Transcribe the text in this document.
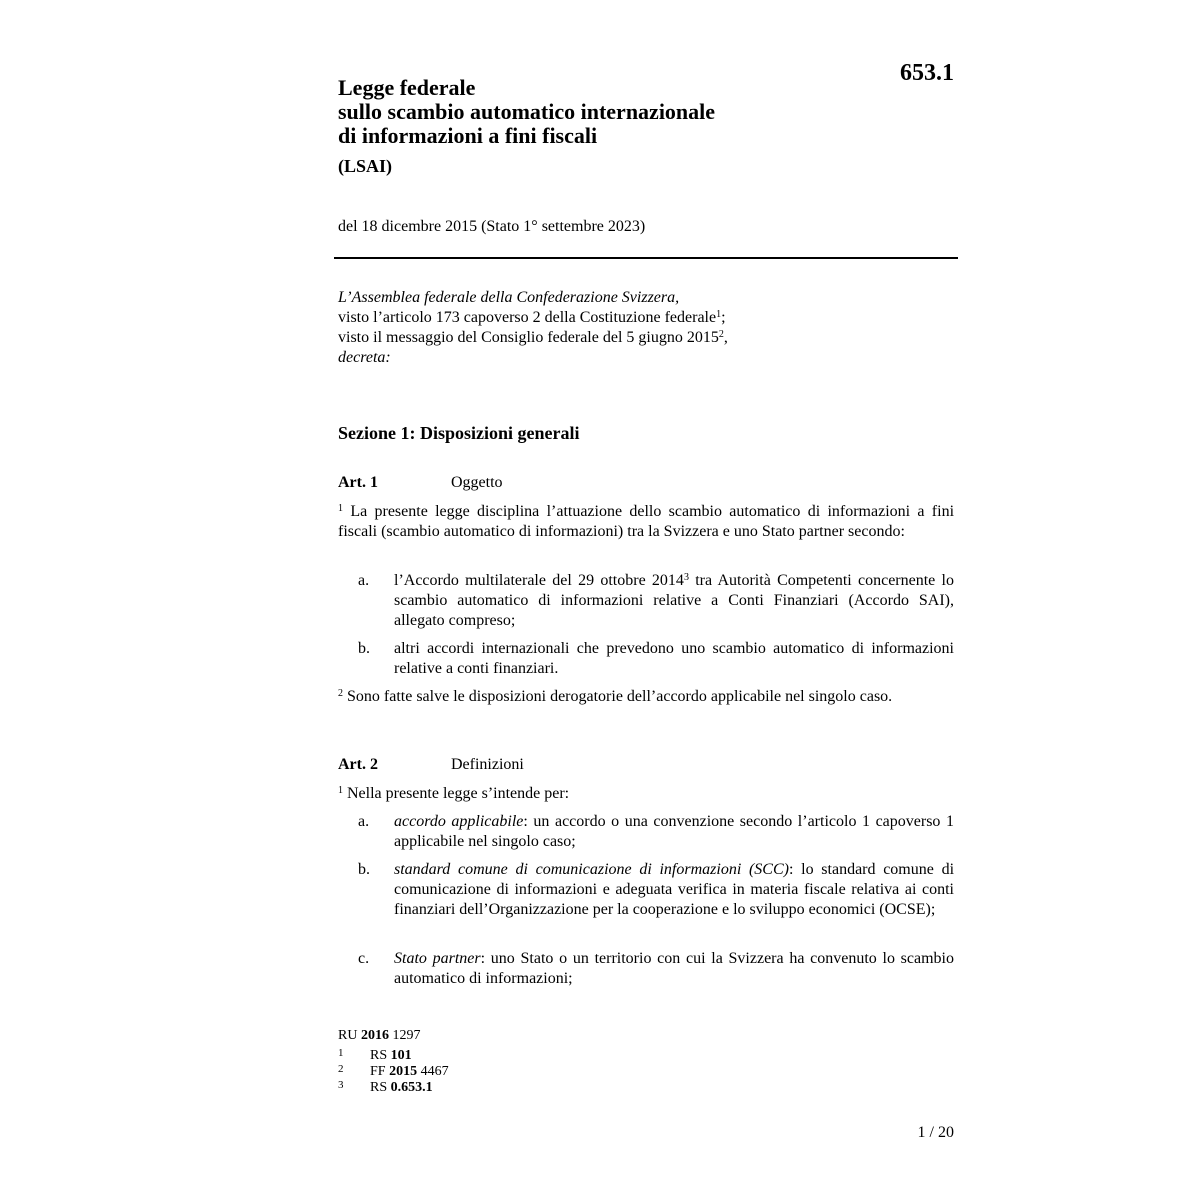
653.1
Legge federale
sullo scambio automatico internazionale
di informazioni a fini fiscali
(LSAI)
del 18 dicembre 2015 (Stato 1° settembre 2023)
L’Assemblea federale della Confederazione Svizzera,
visto l’articolo 173 capoverso 2 della Costituzione federale$^1$;
visto il messaggio del Consiglio federale del 5 giugno 2015$^2$,
decreta:
Sezione 1: Disposizioni generali
Art. 1	Oggetto
$^1$ La presente legge disciplina l’attuazione dello scambio automatico di informazioni a fini fiscali (scambio automatico di informazioni) tra la Svizzera e uno Stato partner secondo:
a. l’Accordo multilaterale del 29 ottobre 2014$^3$ tra Autorità Competenti concernente lo scambio automatico di informazioni relative a Conti Finanziari (Accordo SAI), allegato compreso;
b. altri accordi internazionali che prevedono uno scambio automatico di informazioni relative a conti finanziari.
$^2$ Sono fatte salve le disposizioni derogatorie dell’accordo applicabile nel singolo caso.
Art. 2	Definizioni
$^1$ Nella presente legge s’intende per:
a. accordo applicabile: un accordo o una convenzione secondo l’articolo 1 capoverso 1 applicabile nel singolo caso;
b. standard comune di comunicazione di informazioni (SCC): lo standard comune di comunicazione di informazioni e adeguata verifica in materia fiscale relativa ai conti finanziari dell’Organizzazione per la cooperazione e lo sviluppo economici (OCSE);
c. Stato partner: uno Stato o un territorio con cui la Svizzera ha convenuto lo scambio automatico di informazioni;
RU 2016 1297
1 RS 101
2 FF 2015 4467
3 RS 0.653.1
1 / 20
